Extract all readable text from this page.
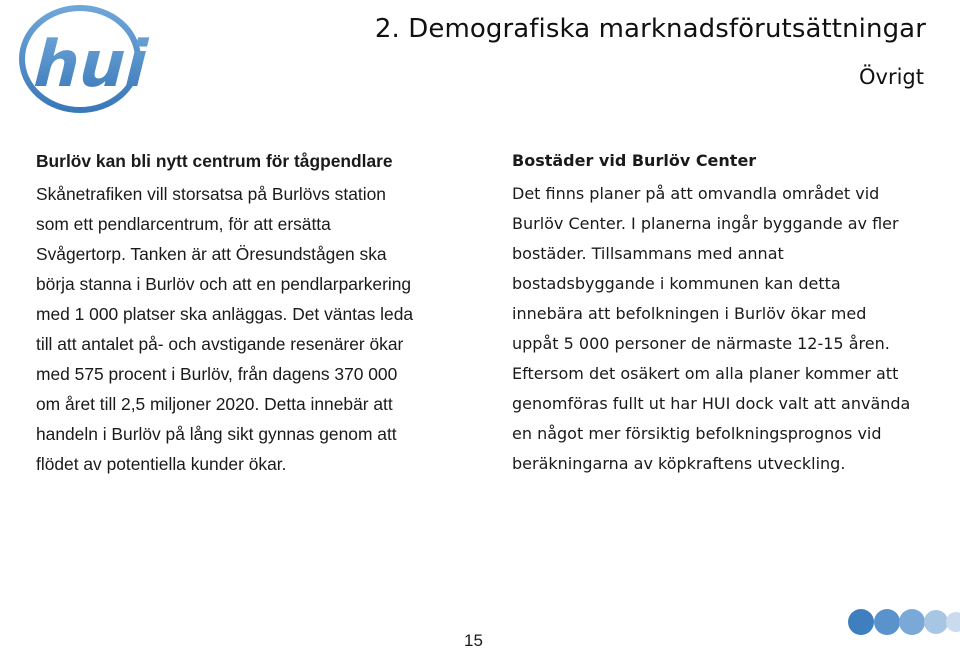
hui	2. Demografiska marknadsförutsättningar
Övrigt
Burlöv kan bli nytt centrum för tågpendlare
Skånetrafiken vill storsatsa på Burlövs station
som ett pendlarcentrum, för att ersätta
Svågertorp. Tanken är att Öresundstågen ska
börja stanna i Burlöv och att en pendlarparkering
med 1 000 platser ska anläggas. Det väntas leda
till att antalet på- och avstigande resenärer ökar
med 575 procent i Burlöv, från dagens 370 000
om året till 2,5 miljoner 2020. Detta innebär att
handeln i Burlöv på lång sikt gynnas genom att
flödet av potentiella kunder ökar.
Bostäder vid Burlöv Center
Det finns planer på att omvandla området vid
Burlöv Center. I planerna ingår byggande av fler
bostäder. Tillsammans med annat
bostadsbyggande i kommunen kan detta
innebära att befolkningen i Burlöv ökar med
uppåt 5 000 personer de närmaste 12-15 åren.
Eftersom det osäkert om alla planer kommer att
genomföras fullt ut har HUI dock valt att använda
en något mer försiktig befolkningsprognos vid
beräkningarna av köpkraftens utveckling.
15
